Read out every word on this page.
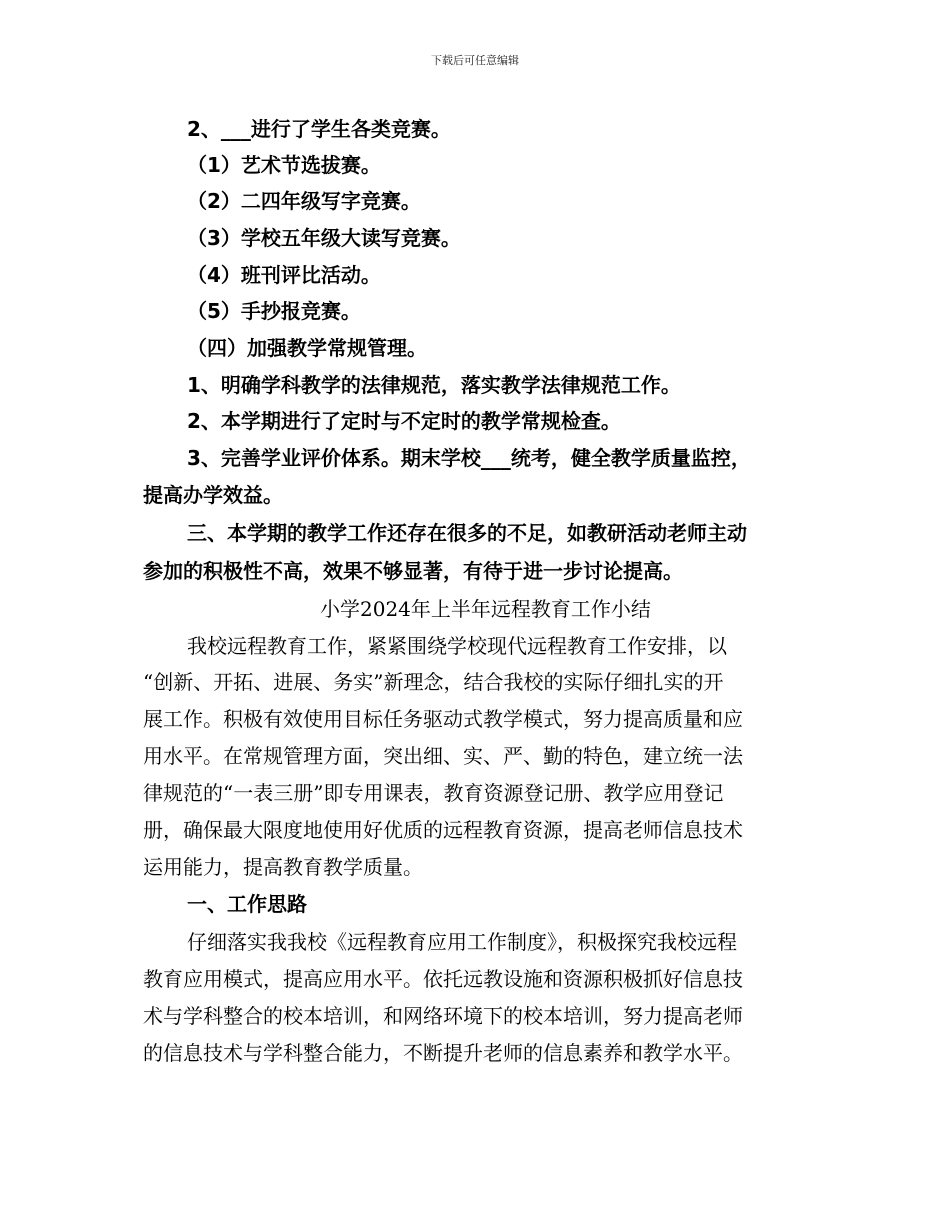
下载后可任意编辑
2、___进行了学生各类竞赛。
（1）艺术节选拔赛。
（2）二四年级写字竞赛。
（3）学校五年级大读写竞赛。
（4）班刊评比活动。
（5）手抄报竞赛。
（四）加强教学常规管理。
1、明确学科教学的法律规范，落实教学法律规范工作。
2、本学期进行了定时与不定时的教学常规检查。
3、完善学业评价体系。期末学校___统考，健全教学质量监控，
提高办学效益。
三、本学期的教学工作还存在很多的不足，如教研活动老师主动
参加的积极性不高，效果不够显著，有待于进一步讨论提高。
小学2024年上半年远程教育工作小结
我校远程教育工作，紧紧围绕学校现代远程教育工作安排，以
“创新、开拓、进展、务实”新理念，结合我校的实际仔细扎实的开
展工作。积极有效使用目标任务驱动式教学模式，努力提高质量和应
用水平。在常规管理方面，突出细、实、严、勤的特色，建立统一法
律规范的“一表三册”即专用课表，教育资源登记册、教学应用登记
册，确保最大限度地使用好优质的远程教育资源，提高老师信息技术
运用能力，提高教育教学质量。
一、工作思路
仔细落实我我校《远程教育应用工作制度》，积极探究我校远程
教育应用模式，提高应用水平。依托远教设施和资源积极抓好信息技
术与学科整合的校本培训，和网络环境下的校本培训，努力提高老师
的信息技术与学科整合能力，不断提升老师的信息素养和教学水平。
